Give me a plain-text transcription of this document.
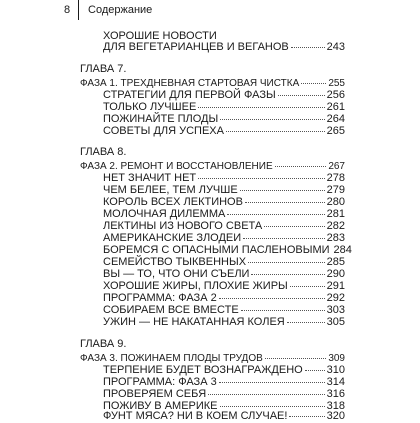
8 Содержание
ХОРОШИЕ НОВОСТИ
ДЛЯ ВЕГЕТАРИАНЦЕВ И ВЕГАНОВ	243
ГЛАВА 7.
ФАЗА 1. ТРЕХДНЕВНАЯ СТАРТОВАЯ ЧИСТКА	255
СТРАТЕГИИ ДЛЯ ПЕРВОЙ ФАЗЫ	256
ТОЛЬКО ЛУЧШЕЕ	261
ПОЖИНАЙТЕ ПЛОДЫ	264
СОВЕТЫ ДЛЯ УСПЕХА	265
ГЛАВА 8.
ФАЗА 2. РЕМОНТ И ВОССТАНОВЛЕНИЕ	267
НЕТ ЗНАЧИТ НЕТ	278
ЧЕМ БЕЛЕЕ, ТЕМ ЛУЧШЕ	279
КОРОЛЬ ВСЕХ ЛЕКТИНОВ	280
МОЛОЧНАЯ ДИЛЕММА	281
ЛЕКТИНЫ ИЗ НОВОГО СВЕТА	282
АМЕРИКАНСКИЕ ЗЛОДЕИ	283
БОРЕМСЯ С ОПАСНЫМИ ПАСЛЕНОВЫМИ 284
СЕМЕЙСТВО ТЫКВЕННЫХ	285
ВЫ — ТО, ЧТО ОНИ СЪЕЛИ	290
ХОРОШИЕ ЖИРЫ, ПЛОХИЕ ЖИРЫ	291
ПРОГРАММА: ФАЗА 2	292
СОБИРАЕМ ВСЕ ВМЕСТЕ	303
УЖИН — НЕ НАКАТАННАЯ КОЛЕЯ	305
ГЛАВА 9.
ФАЗА 3. ПОЖИНАЕМ ПЛОДЫ ТРУДОВ	309
ТЕРПЕНИЕ БУДЕТ ВОЗНАГРАЖДЕНО 310
ПРОГРАММА: ФАЗА 3	314
ПРОВЕРЯЕМ СЕБЯ	316
ПОЖИВУ В АМЕРИКЕ	318
ФУНТ МЯСА? НИ В КОЕМ СЛУЧАЕ!	320
